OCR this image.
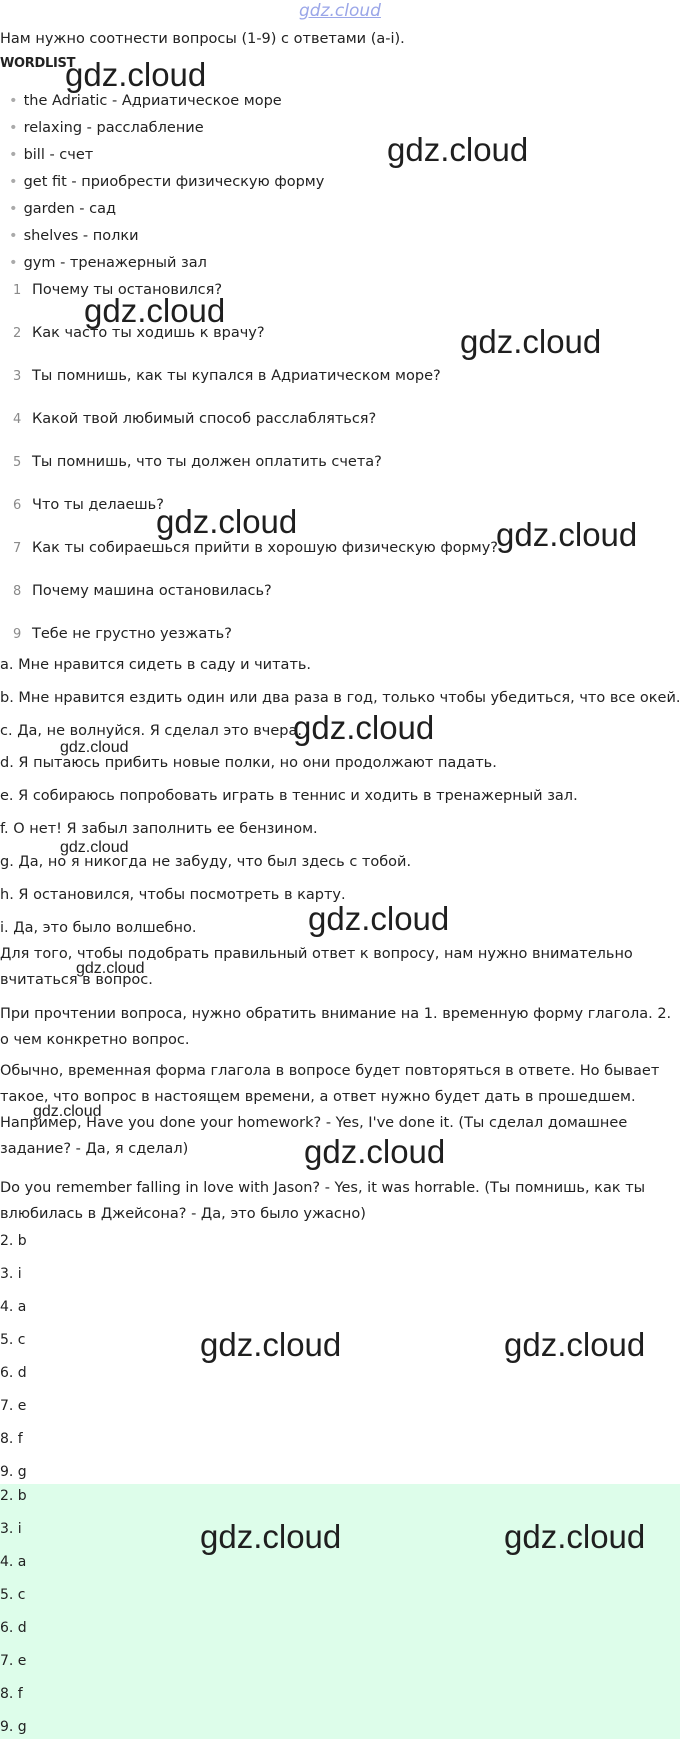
gdz.cloud
Нам нужно соотнести вопросы (1-9) с ответами (a-i).
WORDLIST
• the Adriatic - Адриатическое море
• relaxing - расслабление
• bill - счет
• get fit - приобрести физическую форму
• garden - сад
• shelves - полки
• gym - тренажерный зал
1 Почему ты остановился?
2 Как часто ты ходишь к врачу?
3 Ты помнишь, как ты купался в Адриатическом море?
4 Какой твой любимый способ расслабляться?
5 Ты помнишь, что ты должен оплатить счета?
6 Что ты делаешь?
7 Как ты собираешься прийти в хорошую физическую форму?
8 Почему машина остановилась?
9 Тебе не грустно уезжать?
a. Мне нравится сидеть в саду и читать.
b. Мне нравится ездить один или два раза в год, только чтобы убедиться, что все окей.
c. Да, не волнуйся. Я сделал это вчера.
d. Я пытаюсь прибить новые полки, но они продолжают падать.
e. Я собираюсь попробовать играть в теннис и ходить в тренажерный зал.
f. О нет! Я забыл заполнить ее бензином.
g. Да, но я никогда не забуду, что был здесь с тобой.
h. Я остановился, чтобы посмотреть в карту.
i. Да, это было волшебно.
Для того, чтобы подобрать правильный ответ к вопросу, нам нужно внимательно вчитаться в вопрос.
При прочтении вопроса, нужно обратить внимание на 1. временную форму глагола. 2. о чем конкретно вопрос.
Обычно, временная форма глагола в вопросе будет повторяться в ответе. Но бывает такое, что вопрос в настоящем времени, а ответ нужно будет дать в прошедшем. Например, Have you done your homework? - Yes, I've done it. (Ты сделал домашнее задание? - Да, я сделал)
Do you remember falling in love with Jason? - Yes, it was horrable. (Ты помнишь, как ты влюбилась в Джейсона? - Да, это было ужасно)
2. b
3. i
4. a
5. c
6. d
7. e
8. f
9. g
2. b
3. i
4. a
5. c
6. d
7. e
8. f
9. g
gdz.cloud
gdz.cloud
gdz.cloud
gdz.cloud
gdz.cloud	gdz.cloud
gdz.cloud
gdz.cloud
gdz.cloud
gdz.cloud
gdz.cloud
gdz.cloud
gdz.cloud
gdz.cloud	gdz.cloud
gdz.cloud	gdz.cloud
